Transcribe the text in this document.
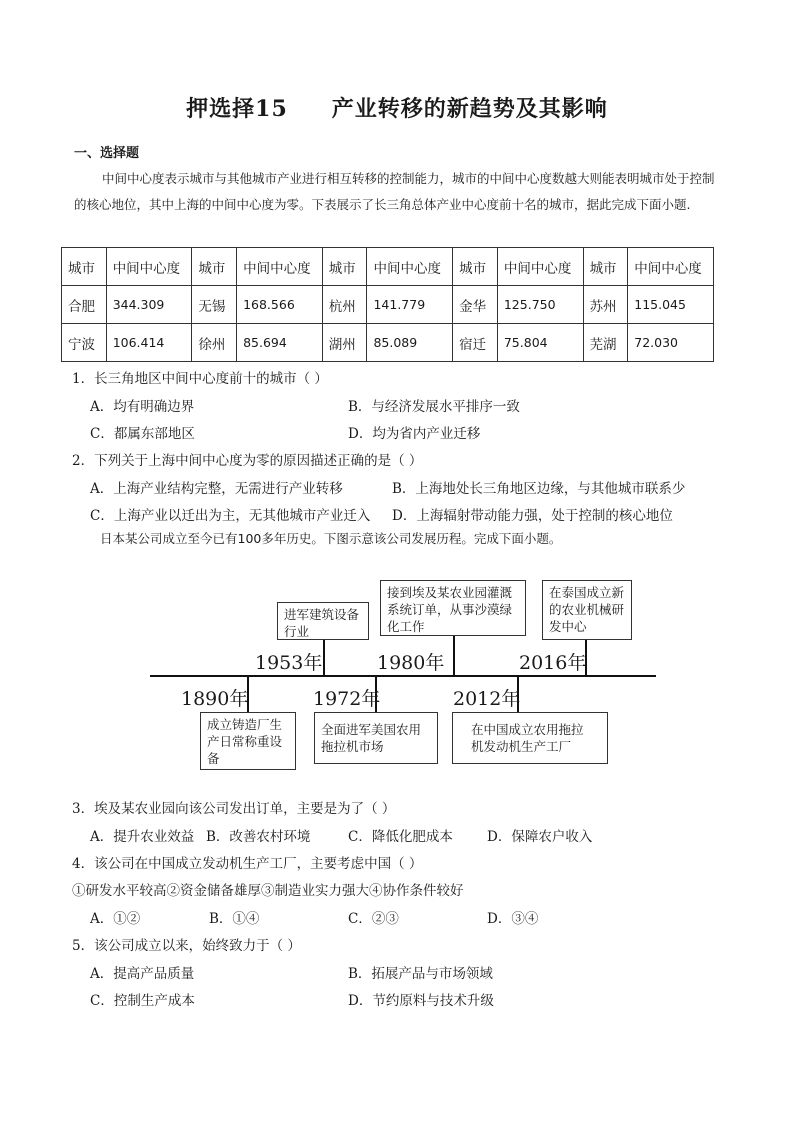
押选择15 产业转移的新趋势及其影响
一、选择题
中间中心度表示城市与其他城市产业进行相互转移的控制能力，城市的中间中心度数越大则能表明城市处于控制的核心地位，其中上海的中间中心度为零。下表展示了长三角总体产业中心度前十名的城市，据此完成下面小题.
城市	中间中心度	城市	中间中心度	城市	中间中心度	城市	中间中心度	城市	中间中心度
合肥	344.309	无锡	168.566	杭州	141.779	金华	125.750	苏州	115.045
宁波	106.414	徐州	85.694	湖州	85.089	宿迁	75.804	芜湖	72.030
1．长三角地区中间中心度前十的城市（ ）
A．均有明确边界	B．与经济发展水平排序一致
C．都属东部地区	D．均为省内产业迁移
2．下列关于上海中间中心度为零的原因描述正确的是（ ）
A．上海产业结构完整，无需进行产业转移	B．上海地处长三角地区边缘，与其他城市联系少
C．上海产业以迁出为主，无其他城市产业迁入 D．上海辐射带动能力强，处于控制的核心地位
日本某公司成立至今已有100多年历史。下图示意该公司发展历程。完成下面小题。
1953年	1980年	2016年
1890年	1972年	2012年
进军建筑设备行业
接到埃及某农业园灌溉系统订单，从事沙漠绿化工作
在泰国成立新的农业机械研发中心
成立铸造厂生产日常称重设备
全面进军美国农用拖拉机市场
在中国成立农用拖拉机发动机生产工厂
3．埃及某农业园向该公司发出订单，主要是为了（ ）
A．提升农业效益 B．改善农村环境	C．降低化肥成本	D．保障农户收入
4．该公司在中国成立发动机生产工厂，主要考虑中国（ ）
①研发水平较高②资金储备雄厚③制造业实力强大④协作条件较好
A．①②	B．①④	C．②③	D．③④
5．该公司成立以来，始终致力于（ ）
A．提高产品质量	B．拓展产品与市场领域
C．控制生产成本	D．节约原料与技术升级
